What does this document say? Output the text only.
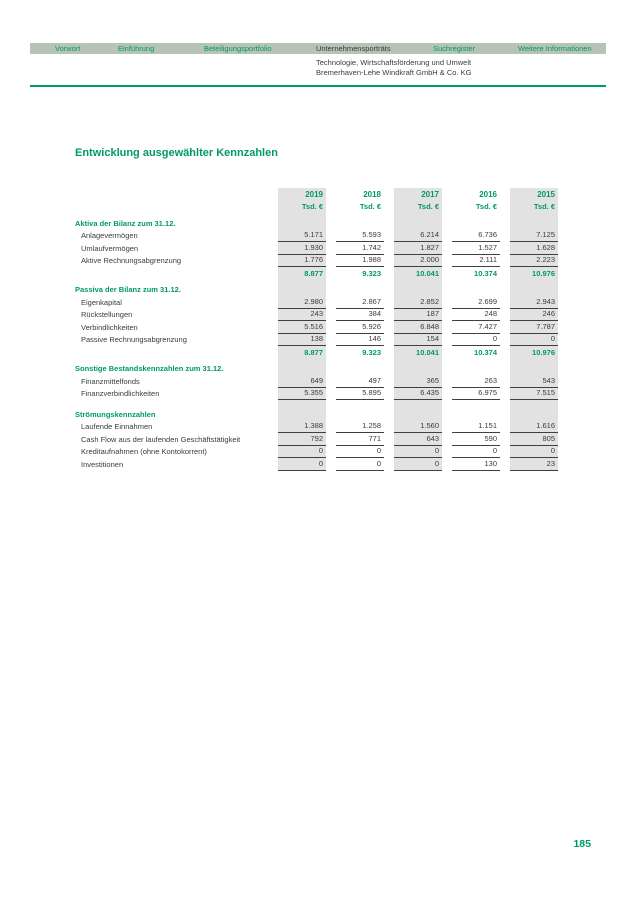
Vorwort	Einführung	Beteiligungsportfolio	Unternehmensporträts	Suchregister	Weitere Informationen
Technologie, Wirtschaftsförderung und Umwelt
Bremerhaven-Lehe Windkraft GmbH & Co. KG
Entwicklung ausgewählter Kennzahlen
2019	2018	2017	2016	2015
Tsd. €	Tsd. €	Tsd. €	Tsd. €	Tsd. €
Aktiva der Bilanz zum 31.12.
Anlagevermögen	5.171	5.593	6.214	6.736	7.125
Umlaufvermögen	1.930	1.742	1.827	1.527	1.628
Aktive Rechnungsabgrenzung	1.776	1.988	2.000	2.111	2.223
8.877	9.323	10.041	10.374	10.976
Passiva der Bilanz zum 31.12.
Eigenkapital	2.980	2.867	2.852	2.699	2.943
Rückstellungen	243	384	187	248	246
Verbindlichkeiten	5.516	5.926	6.848	7.427	7.787
Passive Rechnungsabgrenzung	138	146	154	0	0
8.877	9.323	10.041	10.374	10.976
Sonstige Bestandskennzahlen zum 31.12.
Finanzmittelfonds	649	497	365	263	543
Finanzverbindlichkeiten	5.355	5.895	6.435	6.975	7.515
Strömungskennzahlen
Laufende Einnahmen	1.388	1.258	1.560	1.151	1.616
Cash Flow aus der laufenden Geschäftstätigkeit	792	771	643	590	805
Kreditaufnahmen (ohne Kontokorrent)	0	0	0	0	0
Investitionen	0	0	0	130	23
185
